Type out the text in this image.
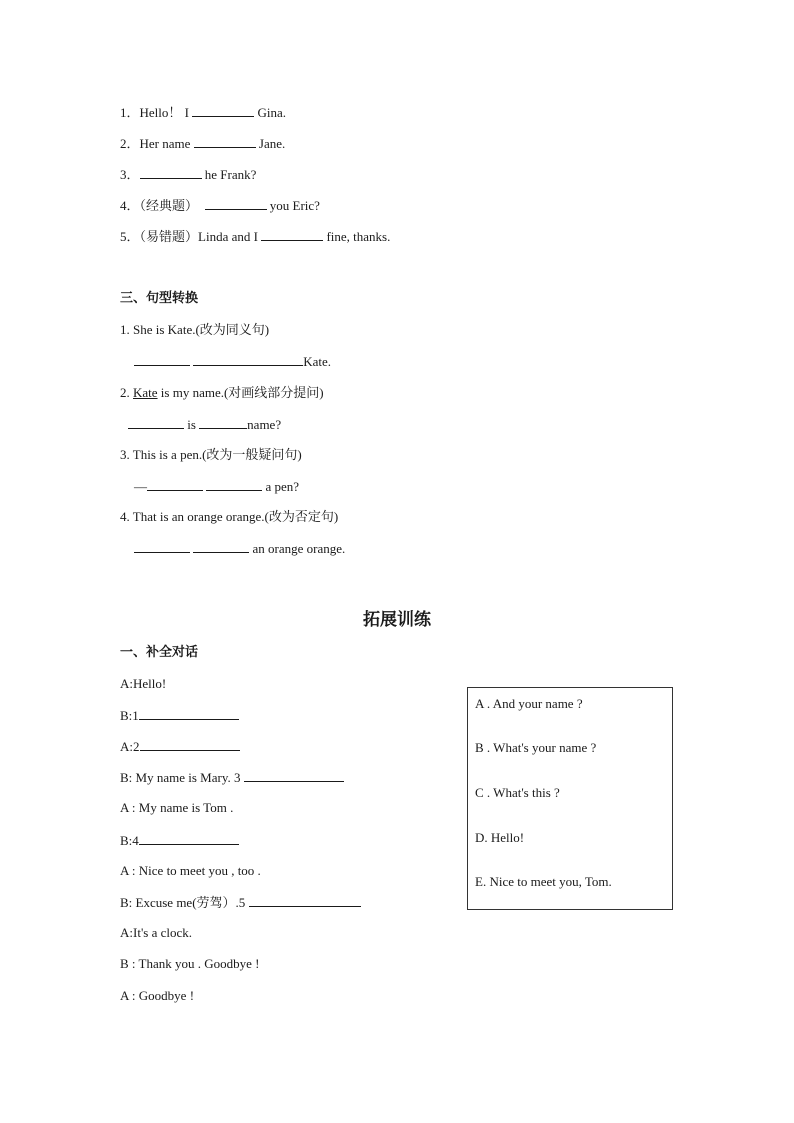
1．Hello！ I	Gina.
2．Her name	Jane.
3．	he Frank?
4．（经典题）	you Eric?
5．（易错题）Linda and I	fine, thanks.
三、句型转换
1. She is Kate.(改为同义句)
Kate.
2. Kate is my name.(对画线部分提问)
is	name?
3. This is a pen.(改为一般疑问句)
—	a pen?
4. That is an orange orange.(改为否定句)
an orange orange.
拓展训练
一、补全对话
A:Hello!
B:1
A:2
B: My name is Mary. 3
A : My name is Tom .
B:4
A : Nice to meet you , too .
B: Excuse me(劳驾）.5
A:It's a clock.
B : Thank you . Goodbye !
A : Goodbye !
A . And your name ?
B . What's your name ?
C . What's this ?
D. Hello!
E. Nice to meet you, Tom.
